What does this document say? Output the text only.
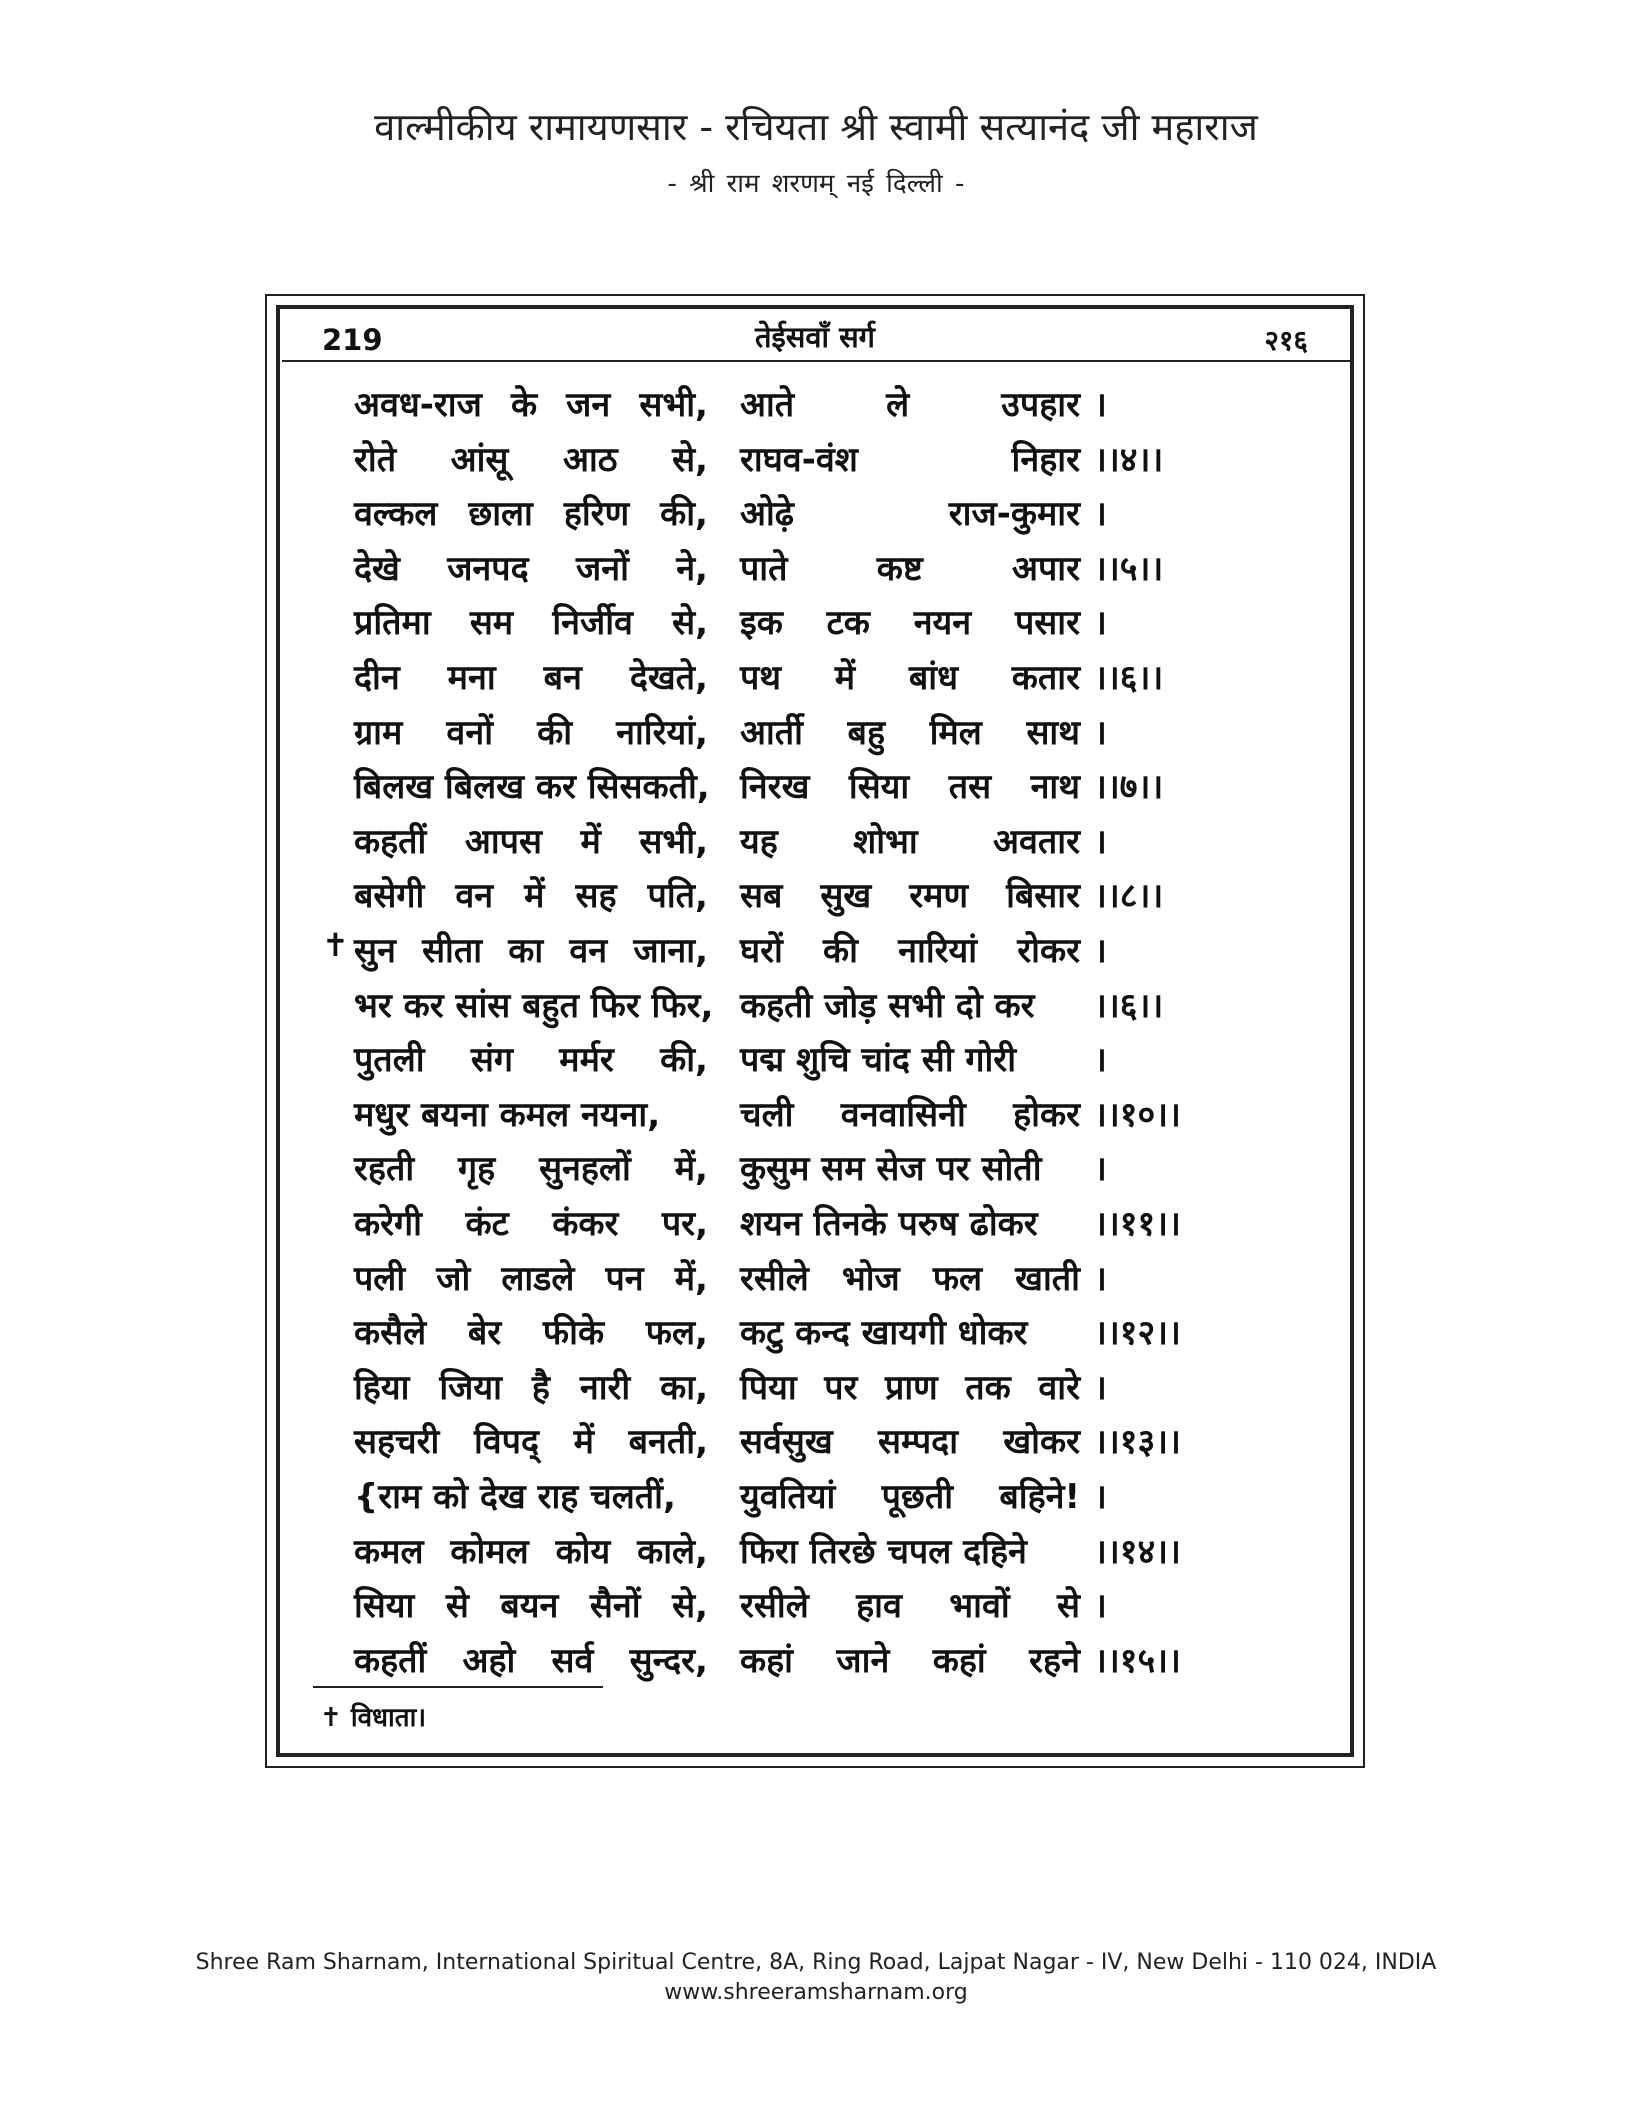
वाल्मीकीय रामायणसार - रचियता श्री स्वामी सत्यानंद जी महाराज
- श्री राम शरणम् नई दिल्ली -
219	तेईसवाँ सर्ग	२१६
अवध-राज के जन सभी, आते	ले	उपहार ।
रोते आंसू आठ से, राघव-वंश	निहार ।।४।।
वल्कल छाला हरिण की, ओढ़े	राज-कुमार ।
देखे जनपद जनों ने, पाते	कष्ट	अपार ।।५।।
प्रतिमा सम निर्जीव से, इक टक नयन पसार ।
दीन मना बन देखते, पथ में बांध कतार ।।६।।
ग्राम वनों की नारियां, आर्ती बहु मिल साथ ।
बिलख बिलख कर सिसकती, निरख सिया तस नाथ ।।७।।
कहतीं आपस में सभी, यह शोभा अवतार ।
बसेगी वन में सह पति, सब सुख रमण बिसार ।।८।।
✝ सुन सीता का वन जाना, घरों की नारियां रोकर ।
भर कर सांस बहुत फिर फिर, कहती जोड़ सभी दो कर ।।६।।
पुतली संग मर्मर की, पद्म शुचि चांद सी गोरी ।
मधुर बयना कमल नयना, चली वनवासिनी होकर ।।१०।।
रहती गृह सुनहलों में, कुसुम सम सेज पर सोती ।
करेगी कंट कंकर पर, शयन तिनके परुष ढोकर ।।११।।
पली जो लाडले पन में, रसीले भोज फल खाती ।
कसैले बेर फीके फल, कटु कन्द खायगी धोकर ।।१२।।
हिया जिया है नारी का, पिया पर प्राण तक वारे ।
सहचरी विपद् में बनती, सर्वसुख सम्पदा खोकर ।।१३।।
{राम को देख राह चलतीं, युवतियां पूछती बहिने! ।
कमल कोमल कोय काले, फिरा तिरछे चपल दहिने ।।१४।।
सिया से बयन सैनों से, रसीले हाव भावों से ।
कहतीं अहो सर्व सुन्दर, कहां जाने कहां रहने ।।१५।।
✝ विधाता।
Shree Ram Sharnam, International Spiritual Centre, 8A, Ring Road, Lajpat Nagar - IV, New Delhi - 110 024, INDIA
www.shreeramsharnam.org
